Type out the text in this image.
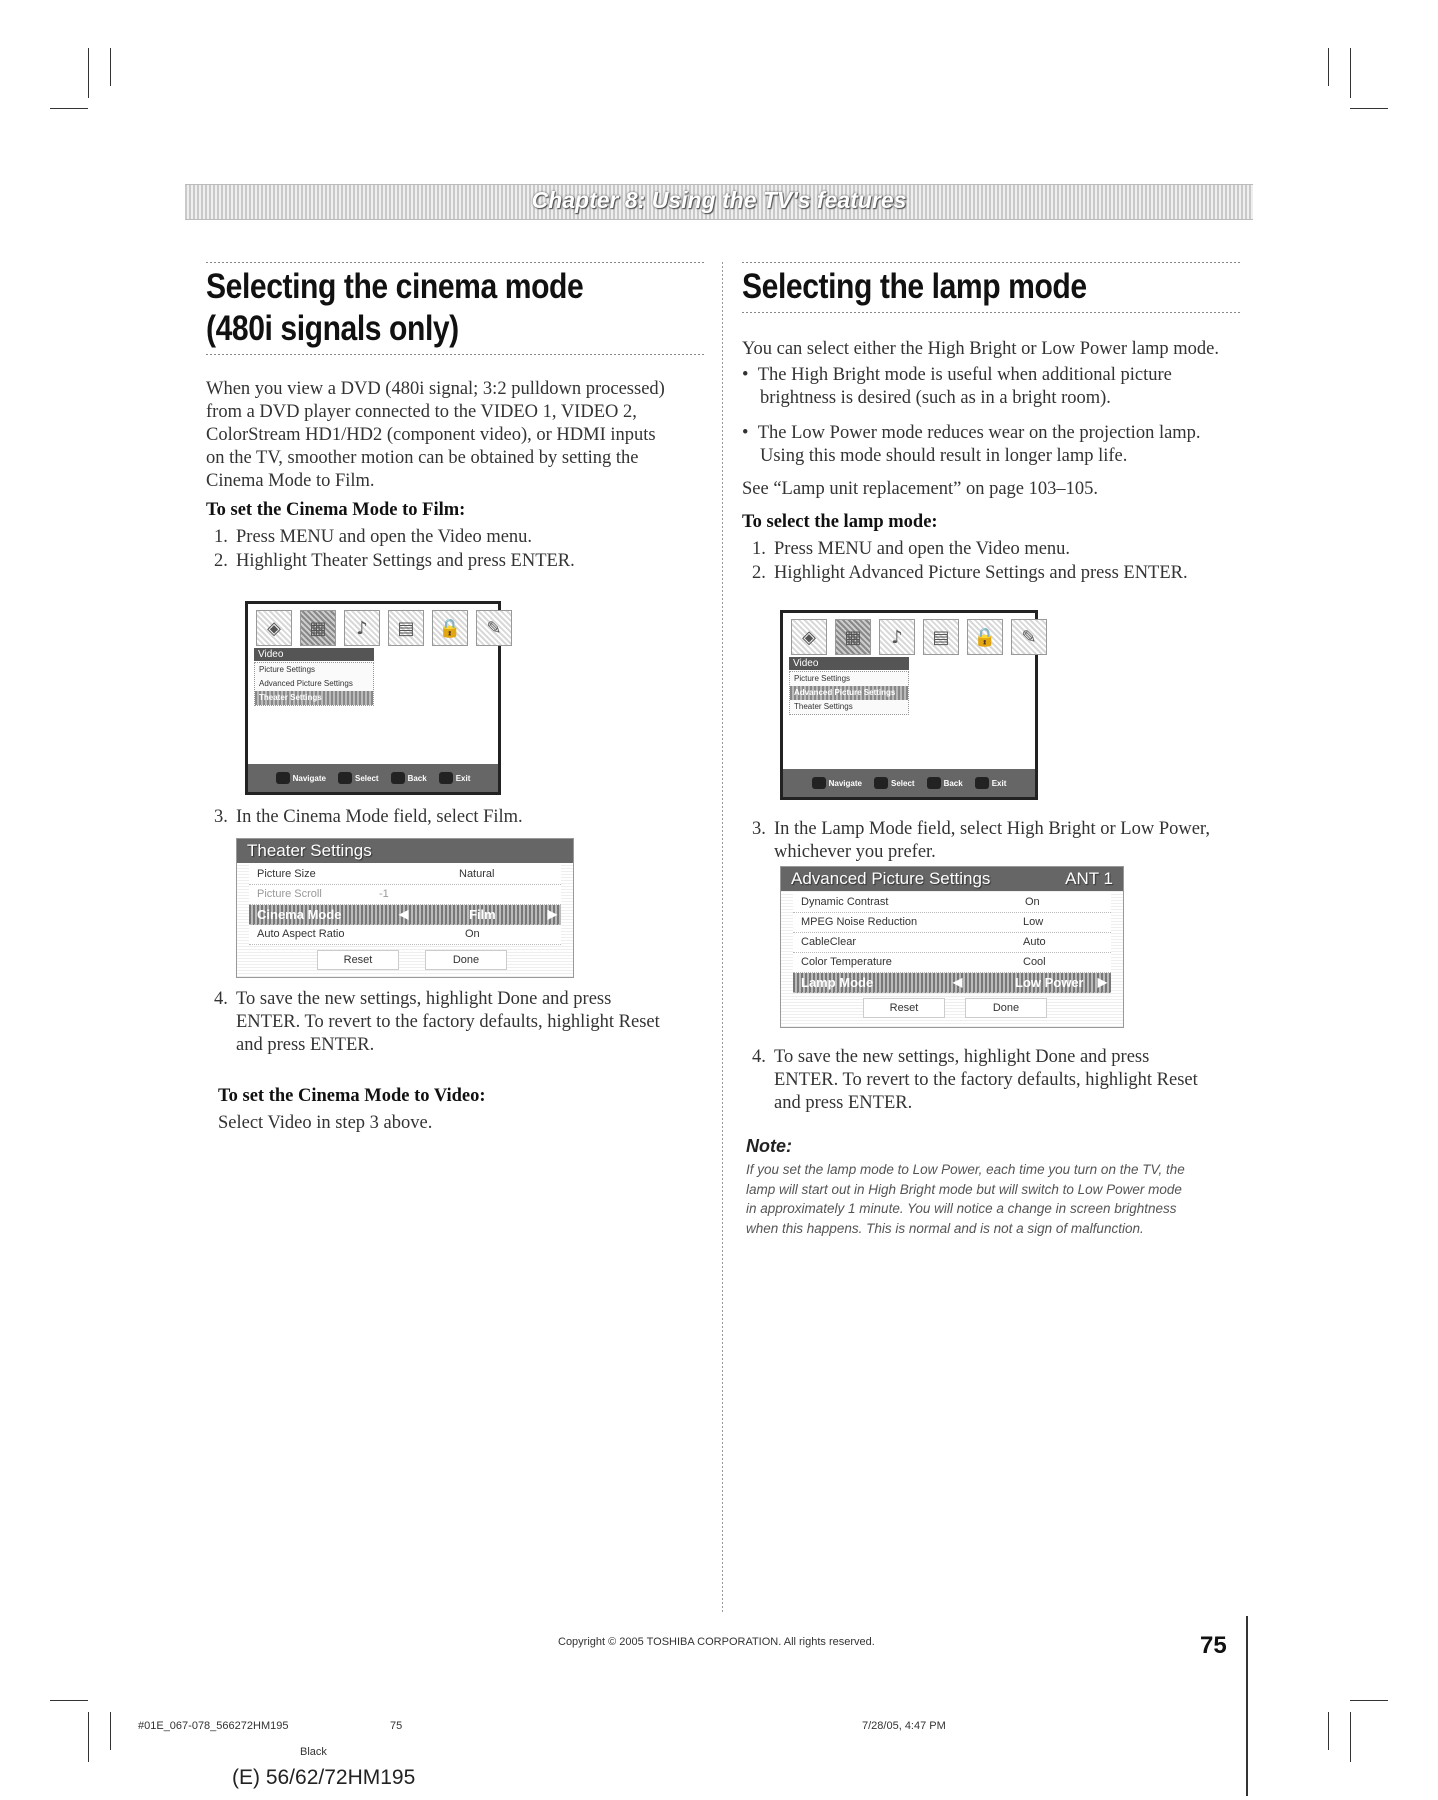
Chapter 8: Using the TV's features
Selecting the cinema mode
(480i signals only)
When you view a DVD (480i signal; 3:2 pulldown processed)
from a DVD player connected to the VIDEO 1, VIDEO 2,
ColorStream HD1/HD2 (component video), or HDMI inputs
on the TV, smoother motion can be obtained by setting the
Cinema Mode to Film.
To set the Cinema Mode to Film:
1. Press MENU and open the Video menu.
2. Highlight Theater Settings and press ENTER.
◈	▦	♪	▤	🔒	✎
Video
Picture Settings
Advanced Picture Settings
Theater Settings
Navigate	Select	Back	Exit
3. In the Cinema Mode field, select Film.
Theater Settings
Picture Size	Natural
Picture Scroll	-1
Cinema Mode	◀	Film	▶
Auto Aspect Ratio	On
Reset	Done
4. To save the new settings, highlight Done and press
ENTER. To revert to the factory defaults, highlight Reset
and press ENTER.
To set the Cinema Mode to Video:
Select Video in step 3 above.
Selecting the lamp mode
You can select either the High Bright or Low Power lamp mode.
•  The High Bright mode is useful when additional picture
brightness is desired (such as in a bright room).
•  The Low Power mode reduces wear on the projection lamp.
Using this mode should result in longer lamp life.
See “Lamp unit replacement” on page 103–105.
To select the lamp mode:
1. Press MENU and open the Video menu.
2. Highlight Advanced Picture Settings and press ENTER.
◈	▦	♪	▤	🔒	✎
Video
Picture Settings
Advanced Picture Settings
Theater Settings
Navigate	Select	Back	Exit
3. In the Lamp Mode field, select High Bright or Low Power,
whichever you prefer.
Advanced Picture Settings	ANT 1
Dynamic Contrast	On
MPEG Noise Reduction	Low
CableClear	Auto
Color Temperature	Cool
Lamp Mode	◀	Low Power ▶
Reset	Done
4. To save the new settings, highlight Done and press
ENTER. To revert to the factory defaults, highlight Reset
and press ENTER.
Note:
If you set the lamp mode to Low Power, each time you turn on the TV, the
lamp will start out in High Bright mode but will switch to Low Power mode
in approximately 1 minute. You will notice a change in screen brightness
when this happens. This is normal and is not a sign of malfunction.
Copyright © 2005 TOSHIBA CORPORATION. All rights reserved.	75
#01E_067-078_566272HM195	75	7/28/05, 4:47 PM
Black
(E) 56/62/72HM195
